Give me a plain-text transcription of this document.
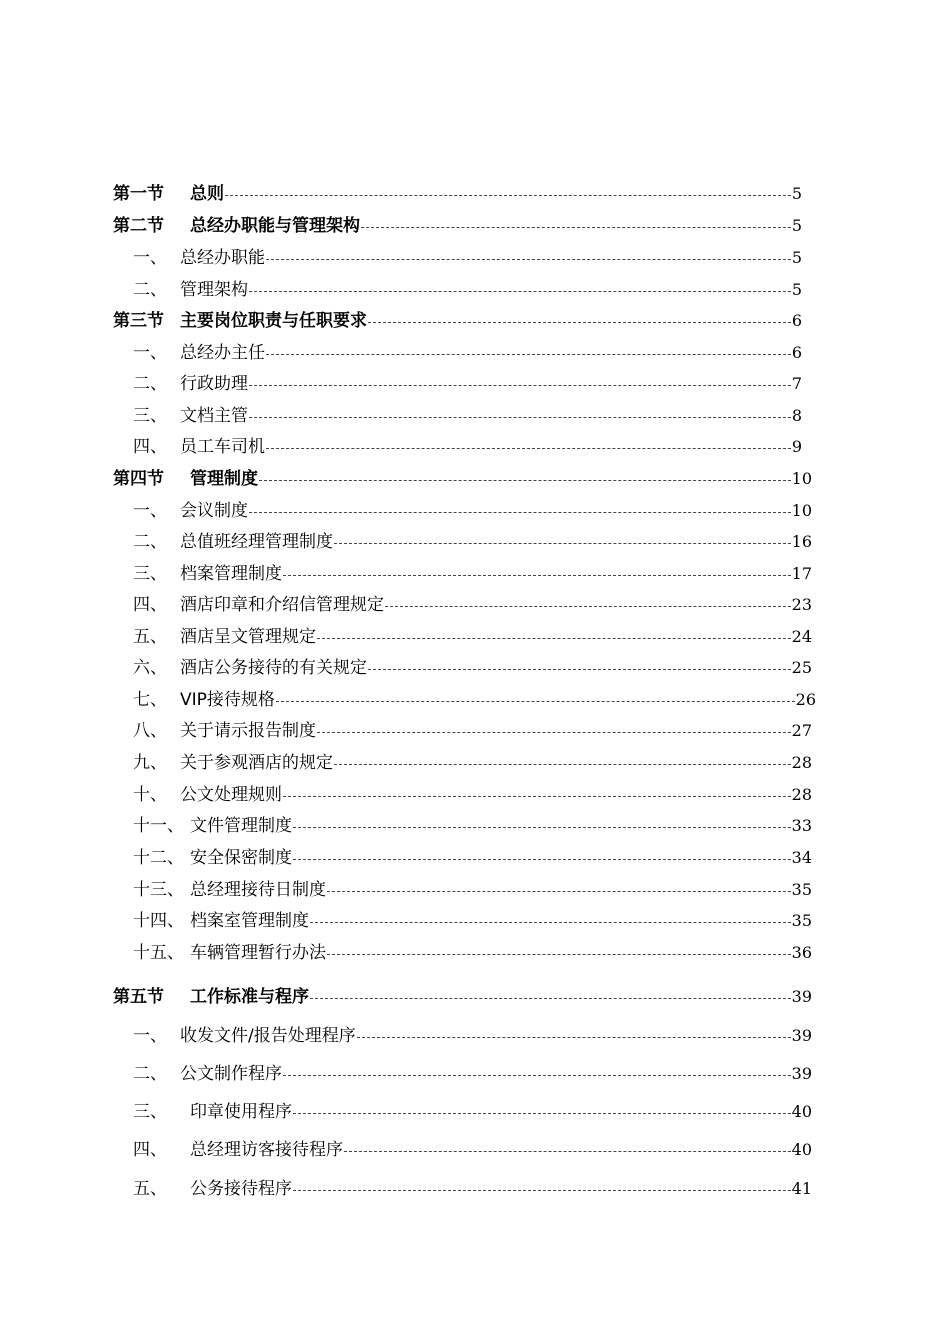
第一节	总则	5
第二节	总经办职能与管理架构	5
一、 总经办职能	5
二、 管理架构	5
第三节 主要岗位职责与任职要求	6
一、 总经办主任	6
二、 行政助理	7
三、 文档主管	8
四、 员工车司机	9
第四节	管理制度	10
一、 会议制度	10
二、 总值班经理管理制度	16
三、 档案管理制度	17
四、 酒店印章和介绍信管理规定	23
五、 酒店呈文管理规定	24
六、 酒店公务接待的有关规定	25
七、 VIP接待规格	26
八、 关于请示报告制度	27
九、 关于参观酒店的规定	28
十、 公文处理规则	28
十一、 文件管理制度	33
十二、 安全保密制度	34
十三、 总经理接待日制度	35
十四、 档案室管理制度	35
十五、 车辆管理暂行办法	36
第五节	工作标准与程序	39
一、 收发文件/报告处理程序	39
二、 公文制作程序	39
三、	印章使用程序	40
四、	总经理访客接待程序	40
五、	公务接待程序	41
